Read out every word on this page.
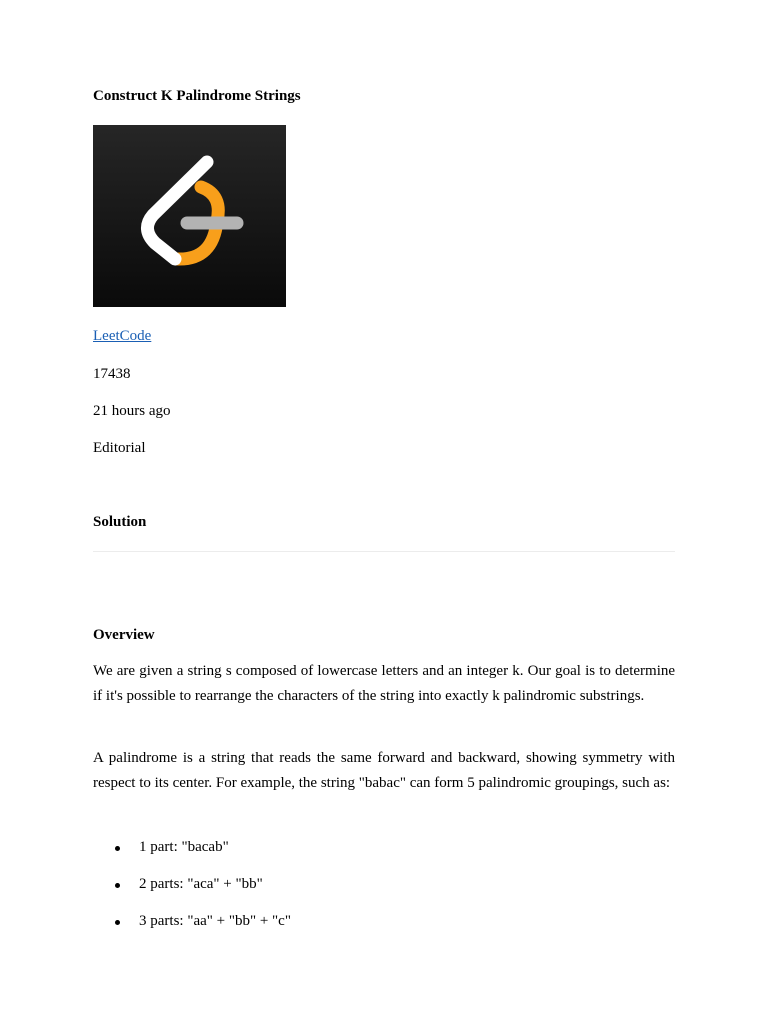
Construct K Palindrome Strings
LeetCode
17438
21 hours ago
Editorial
Solution
Overview

We are given a string s composed of lowercase letters and an integer k. Our goal is to determine if it's possible to rearrange the characters of the string into exactly k palindromic substrings.

A palindrome is a string that reads the same forward and backward, showing symmetry with respect to its center. For example, the string "babac" can form 5 palindromic groupings, such as:

1 part: "bacab"
2 parts: "aca" + "bb"
3 parts: "aa" + "bb" + "c"
